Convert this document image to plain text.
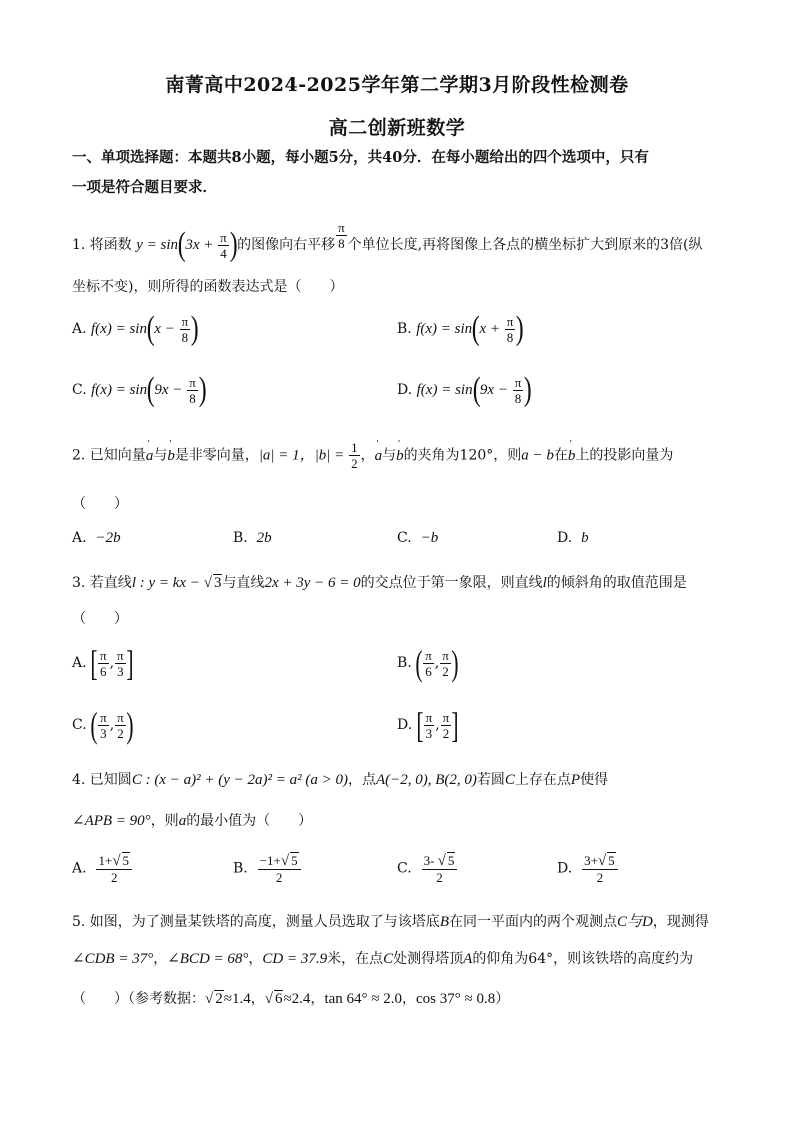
南菁高中2024-2025学年第二学期3月阶段性检测卷
高二创新班数学
一、单项选择题：本题共8小题，每小题5分，共40分．在每小题给出的四个选项中，只有
一项是符合题目要求．
1. 将函数 $y = \sin(3x + \frac{\pi}{4}$ )的图像向右平移 $\frac{\pi}{8}$ 个单位长度,再将图像上各点的横坐标扩大到原来的3倍(纵
坐标不变)，则所得的函数表达式是（　　）
A. $f(x) = \sin(x - \frac{\pi}{8}$ )	B. $f(x) = \sin(x + \frac{\pi}{8}$ )
C. $f(x) = \sin(9x - \frac{\pi}{8}$ )	D. $f(x) = \sin(9x - \frac{\pi}{8}$ )
2. 已知向量' a与' b是非零向量，|a| = 1，$|b| = \frac{1}{2}$ ，' a与' b的夹角为120°，则a − b在' b上的投影向量为
（　　）
A. −2b	B. 2b	C. −b	D. b
3. 若直线l : y = kx − √ 3与直线2x + 3y − 6 = 0的交点位于第一象限，则直线l的倾斜角的取值范围是
（　　）
A. [ $\frac{\pi}{6}$ , $\frac{\pi}{3}$ ]	B. ( $\frac{\pi}{6}$ , $\frac{\pi}{2}$ )
C. ( $\frac{\pi}{3}$ , $\frac{\pi}{2}$ )	D. [ $\frac{\pi}{3}$ , $\frac{\pi}{2}$ ]
4. 已知圆C : (x − a)² + (y − 2a)² = a² (a > 0)，点A(−2, 0), B(2, 0)若圆C上存在点P使得
∠APB = 90°，则a的最小值为（　　）
A. $\frac{1+√ 5}{2}$	B. $\frac{-1+√ 5}{2}$	C. $\frac{3- √ 5}{2}$	D. $\frac{3+√ 5}{2}$
5. 如图，为了测量某铁塔的高度，测量人员选取了与该塔底B在同一平面内的两个观测点C与D，现测得
∠CDB = 37°，∠BCD = 68°，CD = 37.9米，在点C处测得塔顶A的仰角为64°，则该铁塔的高度约为
（　　）（参考数据：√ 2≈1.4，√ 6≈2.4，tan 64° ≈ 2.0，cos 37° ≈ 0.8）
